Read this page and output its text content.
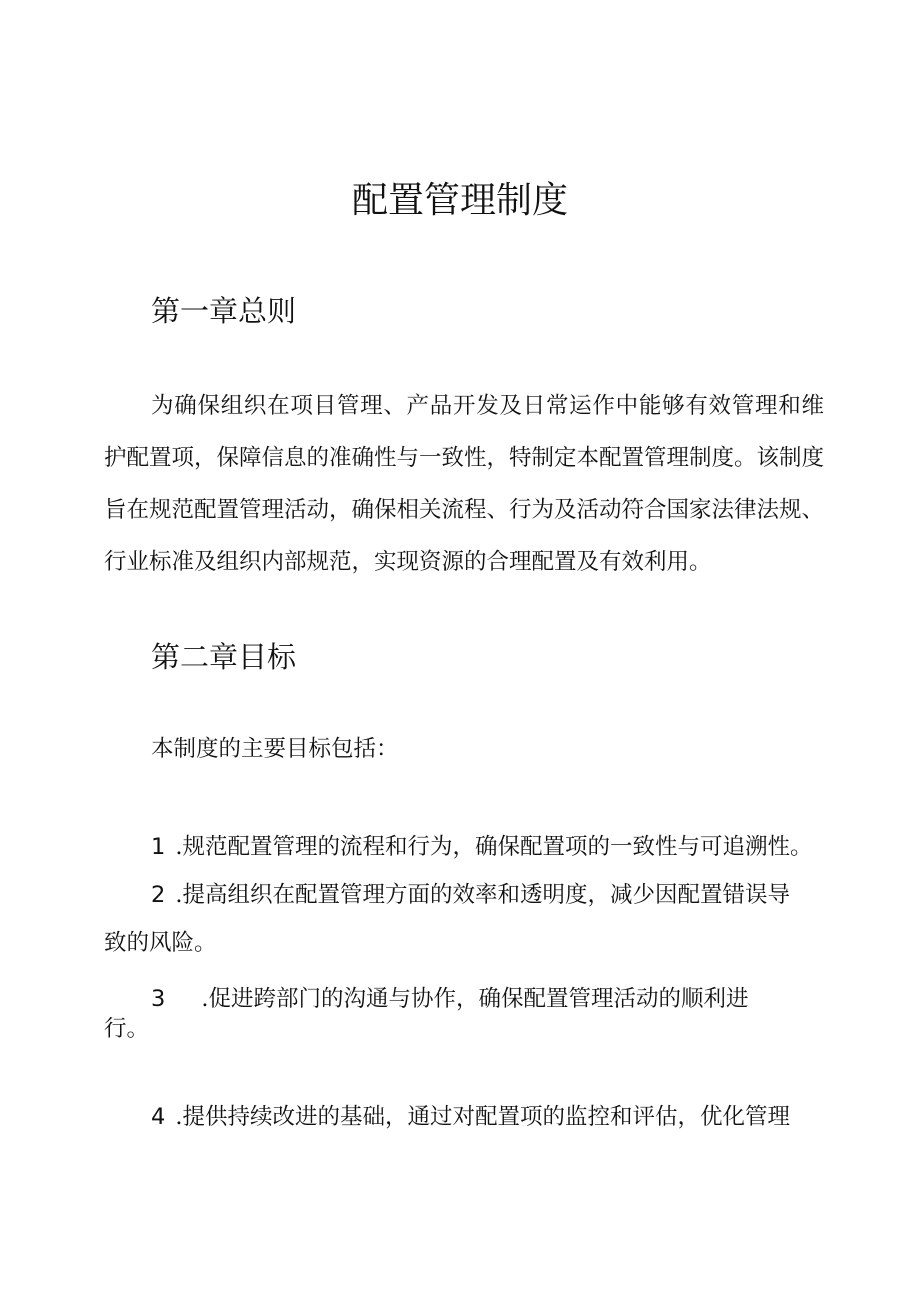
配置管理制度
第一章总则
为确保组织在项目管理、产品开发及日常运作中能够有效管理和维护配置项，保障信息的准确性与一致性，特制定本配置管理制度。该制度旨在规范配置管理活动，确保相关流程、行为及活动符合国家法律法规、行业标准及组织内部规范，实现资源的合理配置及有效利用。
第二章目标
本制度的主要目标包括：
1 .规范配置管理的流程和行为，确保配置项的一致性与可追溯性。
2 .提高组织在配置管理方面的效率和透明度，减少因配置错误导
致的风险。
3 .促进跨部门的沟通与协作，确保配置管理活动的顺利进
行。
4 .提供持续改进的基础，通过对配置项的监控和评估，优化管理
